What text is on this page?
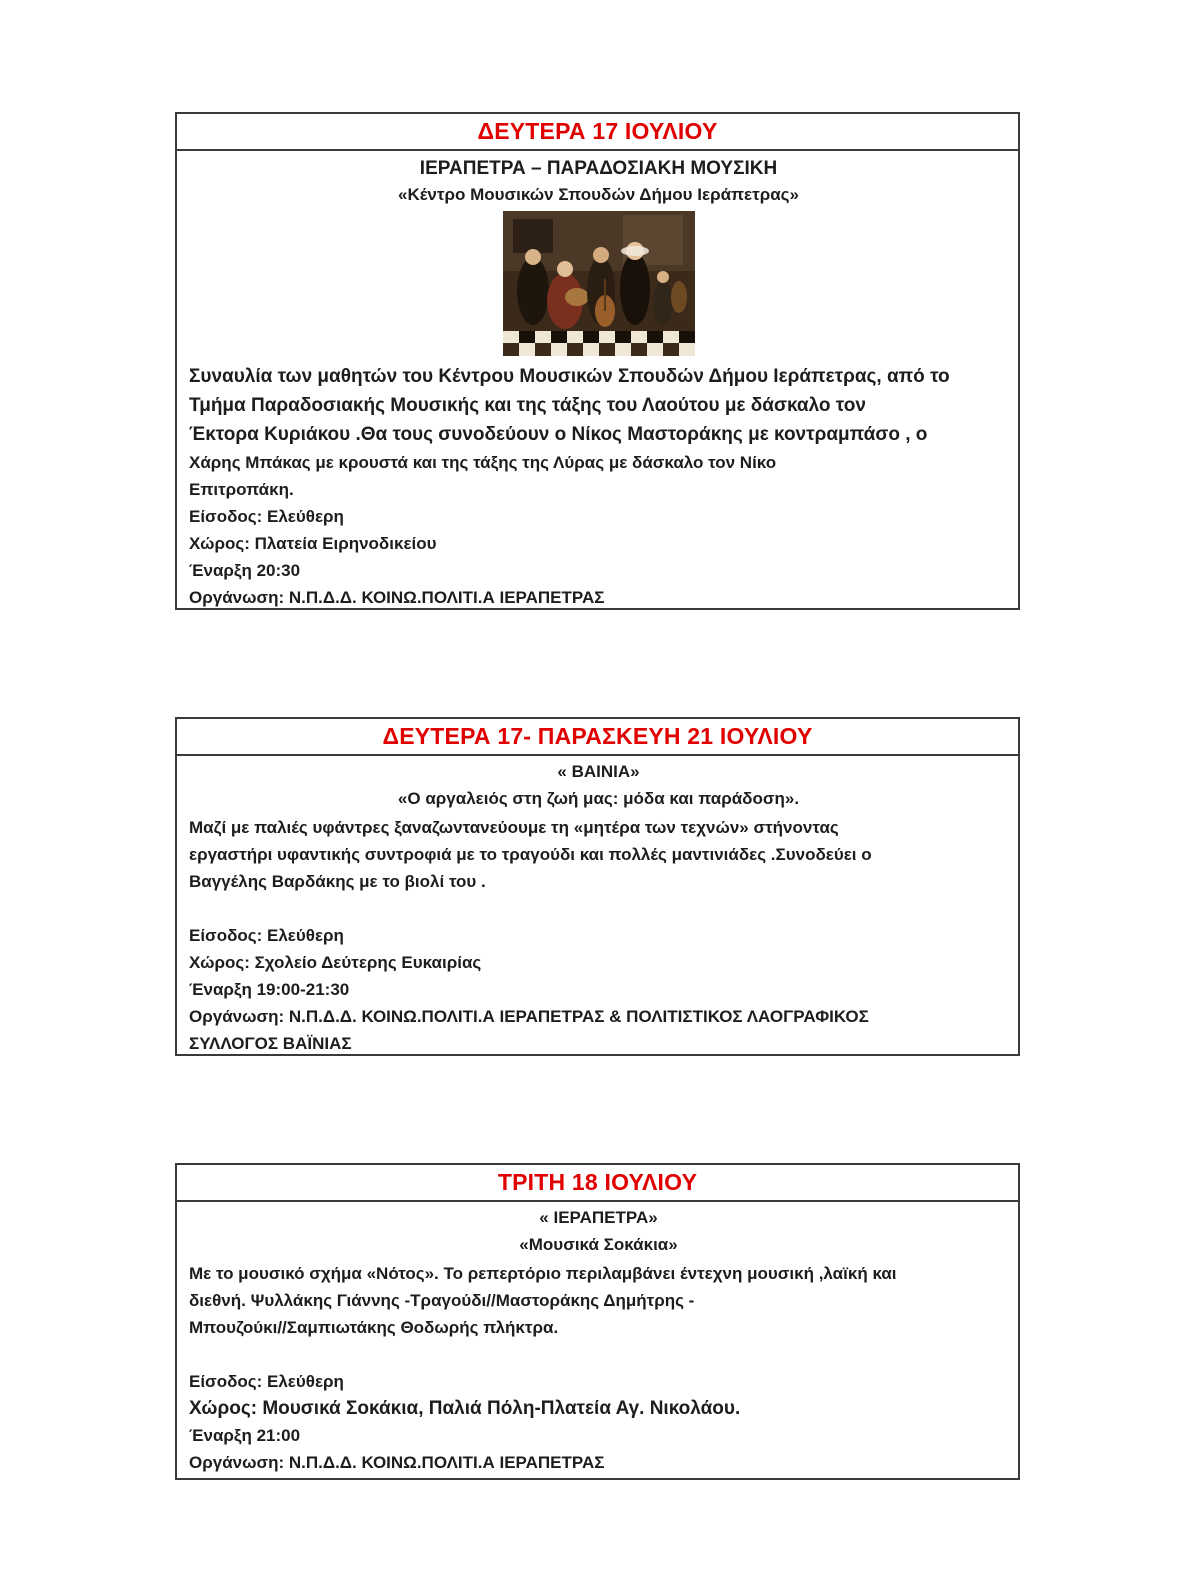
ΔΕΥΤΕΡΑ 17 ΙΟΥΛΙΟΥ
ΙΕΡΑΠΕΤΡΑ – ΠΑΡΑΔΟΣΙΑΚΗ ΜΟΥΣΙΚΗ
«Κέντρο Μουσικών Σπουδών Δήμου Ιεράπετρας»
Συναυλία των μαθητών του Κέντρου Μουσικών Σπουδών Δήμου Ιεράπετρας, από το
Τμήμα Παραδοσιακής Μουσικής και της τάξης του Λαούτου με δάσκαλο τον
Έκτορα Κυριάκου .Θα τους συνοδεύουν ο Νίκος Μαστοράκης με κοντραμπάσο , ο
Χάρης Μπάκας με κρουστά και της τάξης της Λύρας με δάσκαλο τον Νίκο
Επιτροπάκη.
Είσοδος: Ελεύθερη
Χώρος: Πλατεία Ειρηνοδικείου
Έναρξη 20:30
Οργάνωση: Ν.Π.Δ.Δ. ΚΟΙΝΩ.ΠΟΛΙΤΙ.Α ΙΕΡΑΠΕΤΡΑΣ
ΔΕΥΤΕΡΑ 17- ΠΑΡΑΣΚΕΥΗ 21 ΙΟΥΛΙΟΥ
« ΒΑΙΝΙΑ»
«Ο αργαλειός στη ζωή μας: μόδα και παράδοση».
Μαζί με παλιές υφάντρες ξαναζωντανεύουμε τη «μητέρα των τεχνών» στήνοντας
εργαστήρι υφαντικής συντροφιά με το τραγούδι και πολλές μαντινιάδες .Συνοδεύει ο
Βαγγέλης Βαρδάκης με το βιολί του .
Είσοδος: Ελεύθερη
Χώρος: Σχολείο Δεύτερης Ευκαιρίας
Έναρξη 19:00-21:30
Οργάνωση: Ν.Π.Δ.Δ. ΚΟΙΝΩ.ΠΟΛΙΤΙ.Α ΙΕΡΑΠΕΤΡΑΣ & ΠΟΛΙΤΙΣΤΙΚΟΣ ΛΑΟΓΡΑΦΙΚΟΣ
ΣΥΛΛΟΓΟΣ ΒΑΪΝΙΑΣ
ΤΡΙΤΗ 18 ΙΟΥΛΙΟΥ
« ΙΕΡΑΠΕΤΡΑ»
«Μουσικά Σοκάκια»
Με το μουσικό σχήμα «Νότος». Το ρεπερτόριο περιλαμβάνει έντεχνη μουσική ,λαϊκή και
διεθνή. Ψυλλάκης Γιάννης -Τραγούδι//Μαστοράκης Δημήτρης -
Μπουζούκι//Σαμπιωτάκης Θοδωρής πλήκτρα.
Είσοδος: Ελεύθερη
Χώρος: Μουσικά Σοκάκια, Παλιά Πόλη-Πλατεία Αγ. Νικολάου.
Έναρξη 21:00
Οργάνωση: Ν.Π.Δ.Δ. ΚΟΙΝΩ.ΠΟΛΙΤΙ.Α ΙΕΡΑΠΕΤΡΑΣ
